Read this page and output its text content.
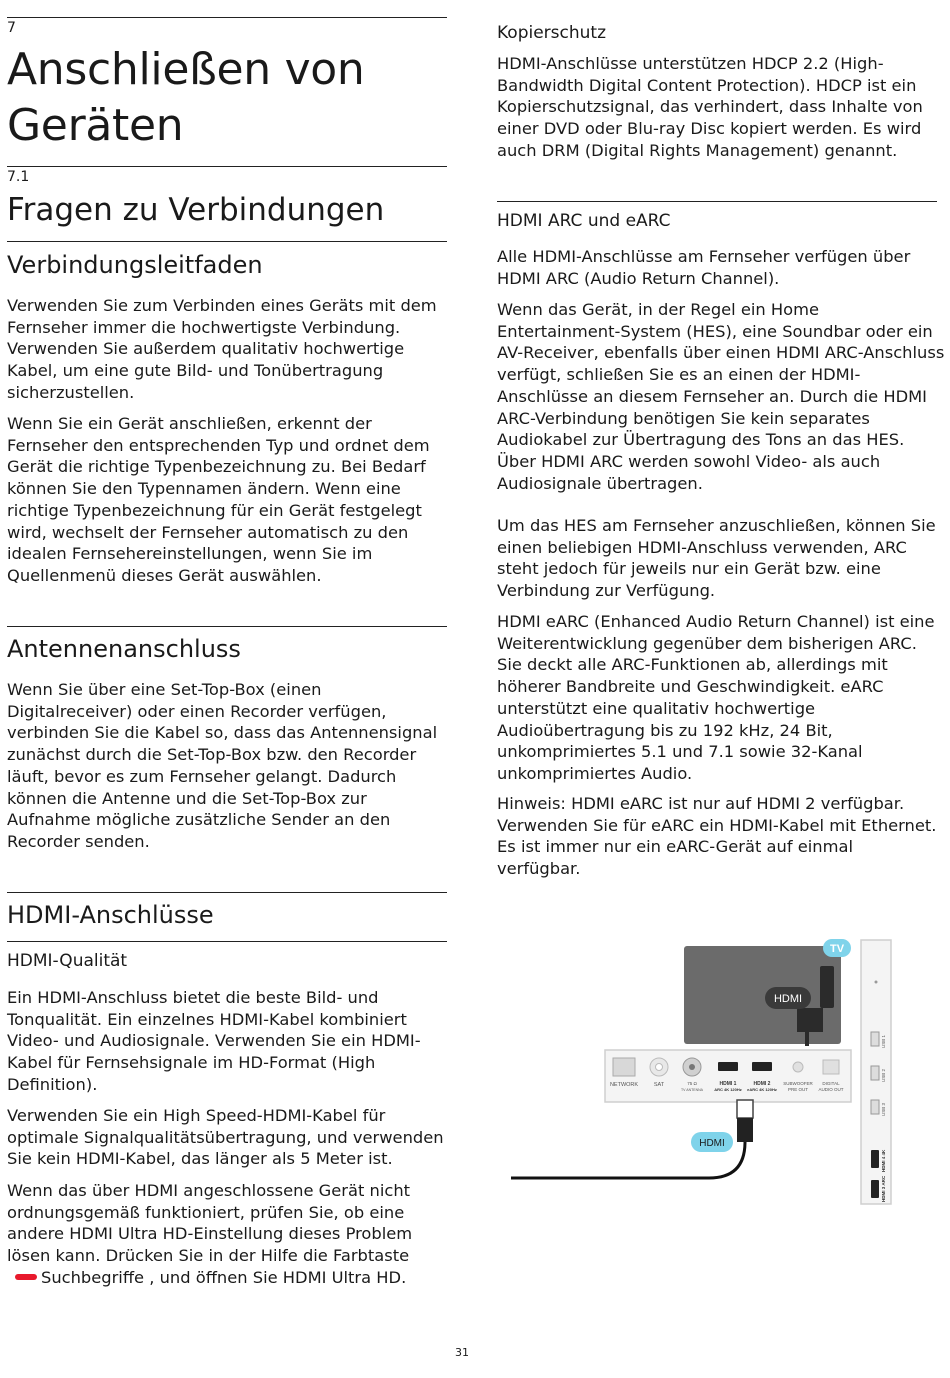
7
Anschließen von Geräten
7.1
Fragen zu Verbindungen
Verbindungsleitfaden

Verwenden Sie zum Verbinden eines Geräts mit dem Fernseher immer die hochwertigste Verbindung. Verwenden Sie außerdem qualitativ hochwertige Kabel, um eine gute Bild- und Tonübertragung sicherzustellen.

Wenn Sie ein Gerät anschließen, erkennt der Fernseher den entsprechenden Typ und ordnet dem Gerät die richtige Typenbezeichnung zu. Bei Bedarf können Sie den Typennamen ändern. Wenn eine richtige Typenbezeichnung für ein Gerät festgelegt wird, wechselt der Fernseher automatisch zu den idealen Fernsehereinstellungen, wenn Sie im Quellenmenü dieses Gerät auswählen.

Antennenanschluss

Wenn Sie über eine Set-Top-Box (einen Digitalreceiver) oder einen Recorder verfügen, verbinden Sie die Kabel so, dass das Antennensignal zunächst durch die Set-Top-Box bzw. den Recorder läuft, bevor es zum Fernseher gelangt. Dadurch können die Antenne und die Set-Top-Box zur Aufnahme mögliche zusätzliche Sender an den Recorder senden.

HDMI-Anschlüsse
HDMI-Qualität

Ein HDMI-Anschluss bietet die beste Bild- und Tonqualität. Ein einzelnes HDMI-Kabel kombiniert Video- und Audiosignale. Verwenden Sie ein HDMI-Kabel für Fernsehsignale im HD-Format (High Definition).

Verwenden Sie ein High Speed-HDMI-Kabel für optimale Signalqualitätsübertragung, und verwenden Sie kein HDMI-Kabel, das länger als 5 Meter ist.

Wenn das über HDMI angeschlossene Gerät nicht ordnungsgemäß funktioniert, prüfen Sie, ob eine andere HDMI Ultra HD-Einstellung dieses Problem lösen kann. Drücken Sie in der Hilfe die Farbtaste Suchbegriffe , und öffnen Sie HDMI Ultra HD.

Kopierschutz

HDMI-Anschlüsse unterstützen HDCP 2.2 (High-Bandwidth Digital Content Protection). HDCP ist ein Kopierschutzsignal, das verhindert, dass Inhalte von einer DVD oder Blu-ray Disc kopiert werden. Es wird auch DRM (Digital Rights Management) genannt.

HDMI ARC und eARC

Alle HDMI-Anschlüsse am Fernseher verfügen über HDMI ARC (Audio Return Channel).

Wenn das Gerät, in der Regel ein Home Entertainment-System (HES), eine Soundbar oder ein AV-Receiver, ebenfalls über einen HDMI ARC-Anschluss verfügt, schließen Sie es an einen der HDMI-Anschlüsse an diesem Fernseher an. Durch die HDMI ARC-Verbindung benötigen Sie kein separates Audiokabel zur Übertragung des Tons an das HES. Über HDMI ARC werden sowohl Video- als auch Audiosignale übertragen.

Um das HES am Fernseher anzuschließen, können Sie einen beliebigen HDMI-Anschluss verwenden, ARC steht jedoch für jeweils nur ein Gerät bzw. eine Verbindung zur Verfügung.

HDMI eARC (Enhanced Audio Return Channel) ist eine Weiterentwicklung gegenüber dem bisherigen ARC. Sie deckt alle ARC-Funktionen ab, allerdings mit höherer Bandbreite und Geschwindigkeit. eARC unterstützt eine qualitativ hochwertige Audioübertragung bis zu 192 kHz, 24 Bit, unkomprimiertes 5.1 und 7.1 sowie 32-Kanal unkomprimiertes Audio.

Hinweis: HDMI eARC ist nur auf HDMI 2 verfügbar. Verwenden Sie für eARC ein HDMI-Kabel mit Ethernet. Es ist immer nur ein eARC-Gerät auf einmal verfügbar.

HDMI
TV
NETWORK	SAT	75 Ω
TV ANTENNA
HDMI 1
ARC 4K 120Hz
HDMI 2
eARC 4K 120Hz
SUBWOOFER
PRE OUT
DIGITAL
AUDIO OUT
USB 1
USB 2
USB 3
HDMI 4 4K
HDMI 3 ARC
HDMI
31
